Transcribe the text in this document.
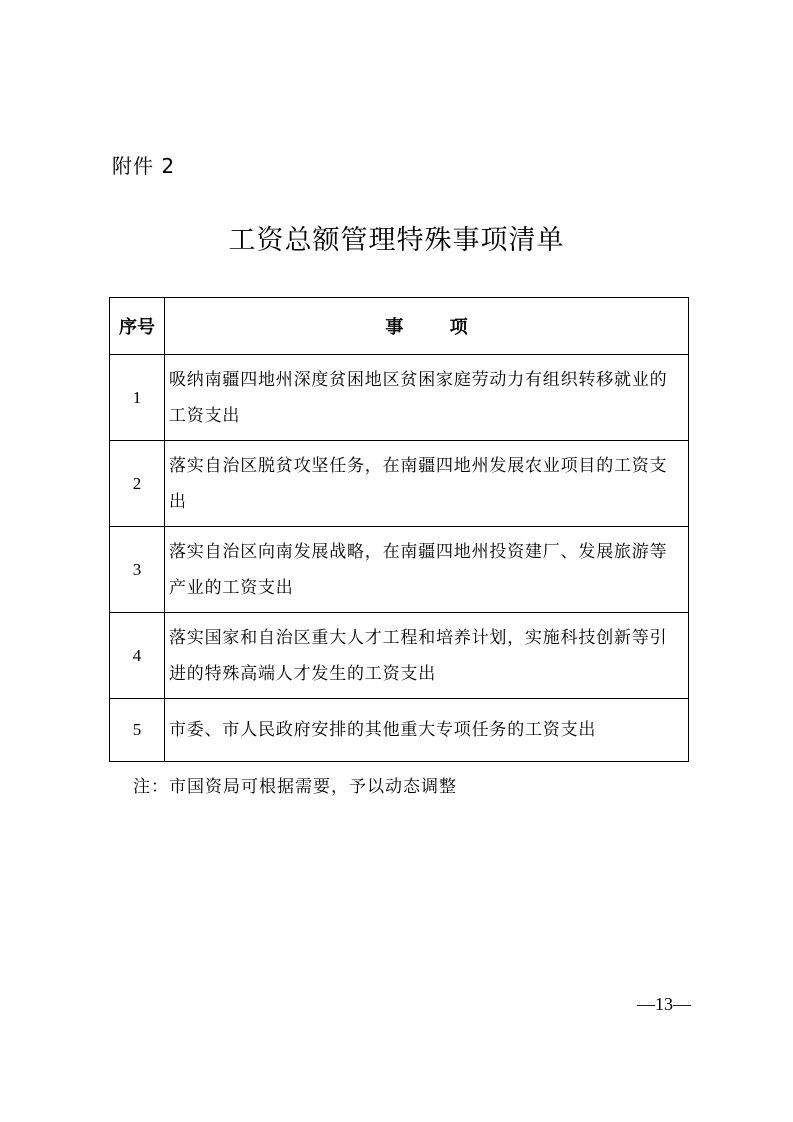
附件 2
工资总额管理特殊事项清单
序号	事 项
1	吸纳南疆四地州深度贫困地区贫困家庭劳动力有组织转移就业的工资支出
2	落实自治区脱贫攻坚任务，在南疆四地州发展农业项目的工资支出
3	落实自治区向南发展战略，在南疆四地州投资建厂、发展旅游等产业的工资支出
4	落实国家和自治区重大人才工程和培养计划，实施科技创新等引进的特殊高端人才发生的工资支出
5	市委、市人民政府安排的其他重大专项任务的工资支出
注：市国资局可根据需要，予以动态调整
—13—
